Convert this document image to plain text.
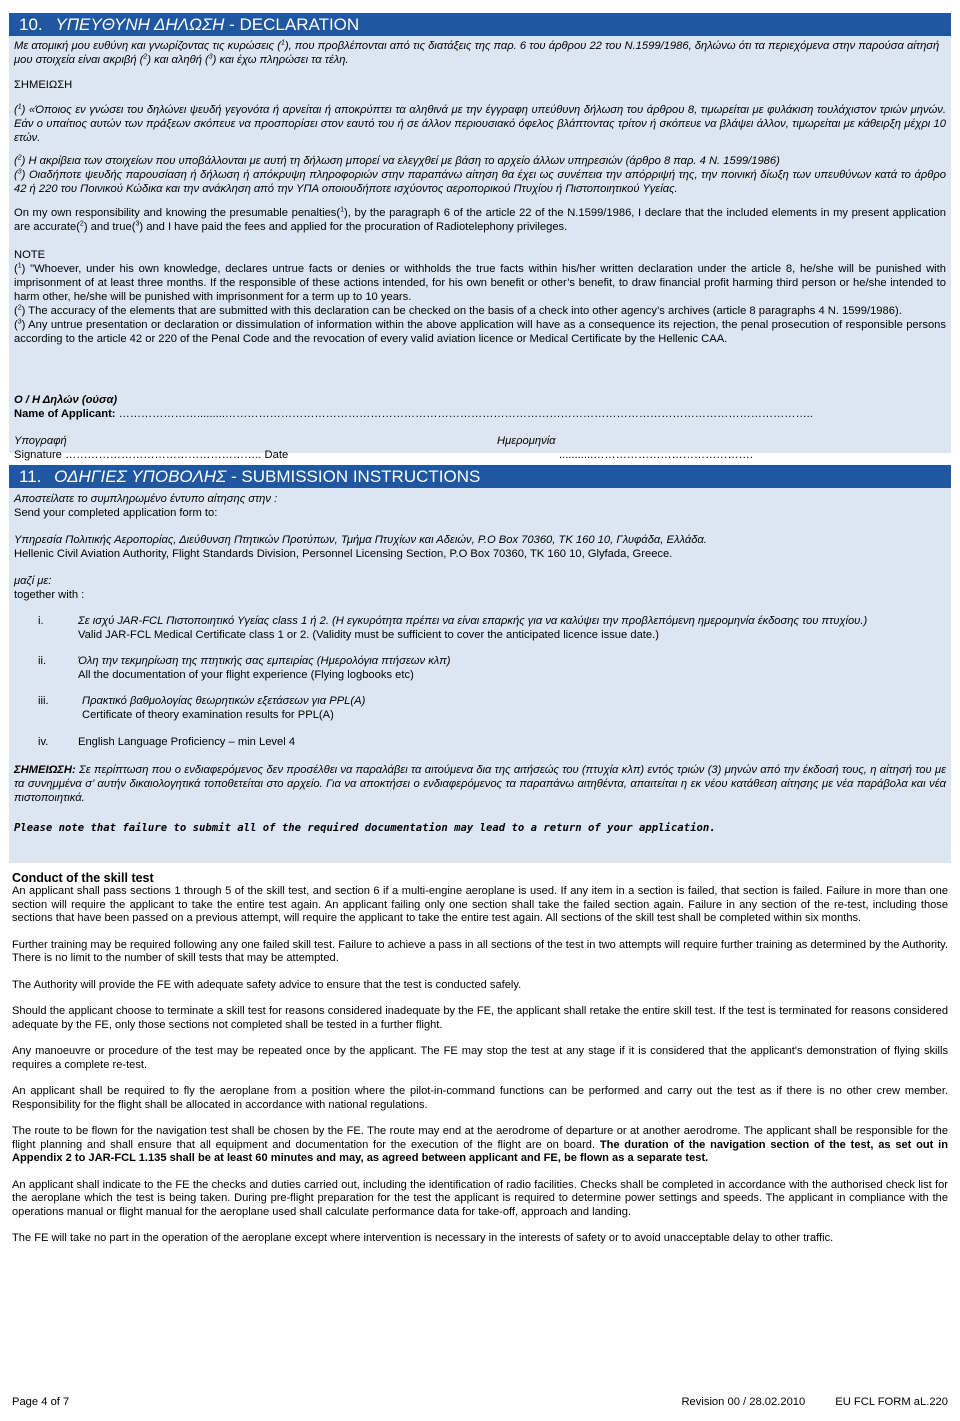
10. ΥΠΕΥΘΥΝΗ ΔΗΛΩΣΗ - DECLARATION

Με ατομική μου ευθύνη και γνωρίζοντας τις κυρώσεις ($^1$), που προβλέπονται από τις διατάξεις της παρ. 6 του άρθρου 22 του Ν.1599/1986, δηλώνω ότι τα περιεχόμενα στην παρούσα αίτησή μου στοιχεία είναι ακριβή ($^2$) και αληθή ($^3$) και έχω πληρώσει τα τέλη.

ΣΗΜΕΙΩΣΗ

($^1$) «Όποιος εν γνώσει του δηλώνει ψευδή γεγονότα ή αρνείται ή αποκρύπτει τα αληθινά με την έγγραφη υπεύθυνη δήλωση του άρθρου 8, τιμωρείται με φυλάκιση τουλάχιστον τριών μηνών. Εάν ο υπαίτιος αυτών των πράξεων σκόπευε να προσπορίσει στον εαυτό του ή σε άλλον περιουσιακό όφελος βλάπτοντας τρίτον ή σκόπευε να βλάψει άλλον, τιμωρείται με κάθειρξη μέχρι 10 ετών.

($^2$) Η ακρίβεια των στοιχείων που υποβάλλονται με αυτή τη δήλωση μπορεί να ελεγχθεί με βάση το αρχείο άλλων υπηρεσιών (άρθρο 8 παρ. 4 Ν. 1599/1986)

($^3$) Οιαδήποτε ψευδής παρουσίαση ή δήλωση ή απόκρυψη πληροφοριών στην παραπάνω αίτηση θα έχει ως συνέπεια την απόρριψή της, την ποινική δίωξη των υπευθύνων κατά το άρθρο 42 ή 220 του Ποινικού Κώδικα και την ανάκληση από την ΥΠΑ οποιουδήποτε ισχύοντος αεροπορικού Πτυχίου ή Πιστοποιητικού Υγείας.

On my own responsibility and knowing the presumable penalties($^1$), by the paragraph 6 of the article 22 of the N.1599/1986, I declare that the included elements in my present application are accurate($^2$) and true($^3$) and I have paid the fees and applied for the procuration of Radiotelephony privileges.

NOTE

($^1$) "Whoever, under his own knowledge, declares untrue facts or denies or withholds the true facts within his/her written declaration under the article 8, he/she will be punished with imprisonment of at least three months. If the responsible of these actions intended, for his own benefit or other’s benefit, to draw financial profit harming third person or he/she intended to harm other, he/she will be punished with imprisonment for a term up to 10 years.

($^2$) The accuracy of the elements that are submitted with this declaration can be checked on the basis of a check into other agency’s archives (article 8 paragraphs 4 N. 1599/1986).

($^3$) Any untrue presentation or declaration or dissimulation of information within the above application will have as a consequence its rejection, the penal prosecution of responsible persons according to the article 42 or 220 of the Penal Code and the revocation of every valid aviation licence or Medical Certificate by the Hellenic CAA.

Ο / Η Δηλών (ούσα)

Name of Applicant: ………………….........…………………………………………………………………………………………………………………………………………..

Υπογραφή	Ημερομηνία
Signature …………………………………………….. Date	...........…………………………………….
11. ΟΔΗΓΙΕΣ ΥΠΟΒΟΛΗΣ - SUBMISSION INSTRUCTIONS

Αποστείλατε το συμπληρωμένο έντυπο αίτησης στην :

Send your completed application form to:

Υπηρεσία Πολιτικής Αεροπορίας, Διεύθυνση Πτητικών Προτύπων, Τμήμα Πτυχίων και Αδειών, P.O Box 70360, TK 160 10, Γλυφάδα, Ελλάδα.

Hellenic Civil Aviation Authority, Flight Standards Division, Personnel Licensing Section, P.O Box 70360, TK 160 10, Glyfada, Greece.

μαζί με:

together with :

i.	Σε ισχύ JAR-FCL Πιστοποιητικό Υγείας class 1 ή 2. (Η εγκυρότητα πρέπει να είναι επαρκής για να καλύψει την προβλεπόμενη ημερομηνία έκδοσης του πτυχίου.)

Valid JAR-FCL Medical Certificate class 1 or 2. (Validity must be sufficient to cover the anticipated licence issue date.)

ii.	Όλη την τεκμηρίωση της πτητικής σας εμπειρίας (Ημερολόγια πτήσεων κλπ)

All the documentation of your flight experience (Flying logbooks etc)

iii.	Πρακτικό βαθμολογίας θεωρητικών εξετάσεων για PPL(A)

Certificate of theory examination results for PPL(A)

iv.	English Language Proficiency – min Level 4

ΣΗΜΕΙΩΣΗ: Σε περίπτωση που ο ενδιαφερόμενος δεν προσέλθει να παραλάβει τα αιτούμενα δια της αιτήσεώς του (πτυχία κλπ) εντός τριών (3) μηνών από την έκδοσή τους, η αίτησή του με τα συνημμένα σ’ αυτήν δικαιολογητικά τοποθετείται στο αρχείο. Για να αποκτήσει ο ενδιαφερόμενος τα παραπάνω αιτηθέντα, απαιτείται η εκ νέου κατάθεση αίτησης με νέα παράβολα και νέα πιστοποιητικά.

Please note that failure to submit all of the required documentation may lead to a return of your application.

Conduct of the skill test

An applicant shall pass sections 1 through 5 of the skill test, and section 6 if a multi-engine aeroplane is used. If any item in a section is failed, that section is failed. Failure in more than one section will require the applicant to take the entire test again. An applicant failing only one section shall take the failed section again. Failure in any section of the re-test, including those sections that have been passed on a previous attempt, will require the applicant to take the entire test again. All sections of the skill test shall be completed within six months.

Further training may be required following any one failed skill test. Failure to achieve a pass in all sections of the test in two attempts will require further training as determined by the Authority. There is no limit to the number of skill tests that may be attempted.

The Authority will provide the FE with adequate safety advice to ensure that the test is conducted safely.

Should the applicant choose to terminate a skill test for reasons considered inadequate by the FE, the applicant shall retake the entire skill test. If the test is terminated for reasons considered adequate by the FE, only those sections not completed shall be tested in a further flight.

Any manoeuvre or procedure of the test may be repeated once by the applicant. The FE may stop the test at any stage if it is considered that the applicant's demonstration of flying skills requires a complete re-test.

An applicant shall be required to fly the aeroplane from a position where the pilot-in-command functions can be performed and carry out the test as if there is no other crew member. Responsibility for the flight shall be allocated in accordance with national regulations.

The route to be flown for the navigation test shall be chosen by the FE. The route may end at the aerodrome of departure or at another aerodrome. The applicant shall be responsible for the flight planning and shall ensure that all equipment and documentation for the execution of the flight are on board. The duration of the navigation section of the test, as set out in Appendix 2 to JAR-FCL 1.135 shall be at least 60 minutes and may, as agreed between applicant and FE, be flown as a separate test.

An applicant shall indicate to the FE the checks and duties carried out, including the identification of radio facilities. Checks shall be completed in accordance with the authorised check list for the aeroplane which the test is being taken. During pre-flight preparation for the test the applicant is required to determine power settings and speeds. The applicant in compliance with the operations manual or flight manual for the aeroplane used shall calculate performance data for take-off, approach and landing.

The FE will take no part in the operation of the aeroplane except where intervention is necessary in the interests of safety or to avoid unacceptable delay to other traffic.

Page 4 of 7	Revision 00 / 28.02.2010	EU FCL FORM aL.220
